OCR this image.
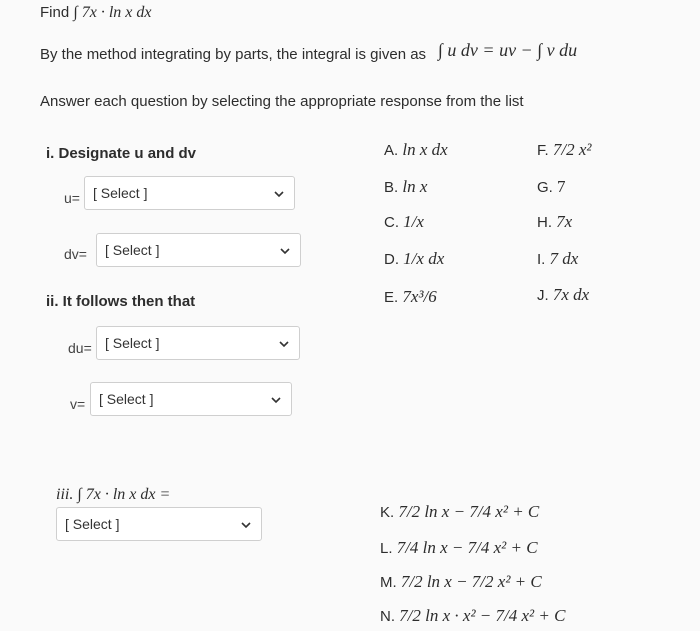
Find ∫ 7x · ln x dx
By the method integrating by parts, the integral is given as ∫ u dv = uv − ∫ v du
Answer each question by selecting the appropriate response from the list
i. Designate u and dv
u= [ Select ]
dv= [ Select ]
ii. It follows then that
du= [ Select ]
v= [ Select ]
iii. ∫ 7x · ln x dx =
[ Select ]
A. ln x dx
B. ln x
C. 1/x
D. 1/x dx
E. 7x³/6
F. 7/2 x²
G. 7
H. 7x
I. 7 dx
J. 7x dx
K. 7/2 ln x − 7/4 x² + C
L. 7/4 ln x − 7/4 x² + C
M. 7/2 ln x − 7/2 x² + C
N. 7/2 ln x · x² − 7/4 x² + C
